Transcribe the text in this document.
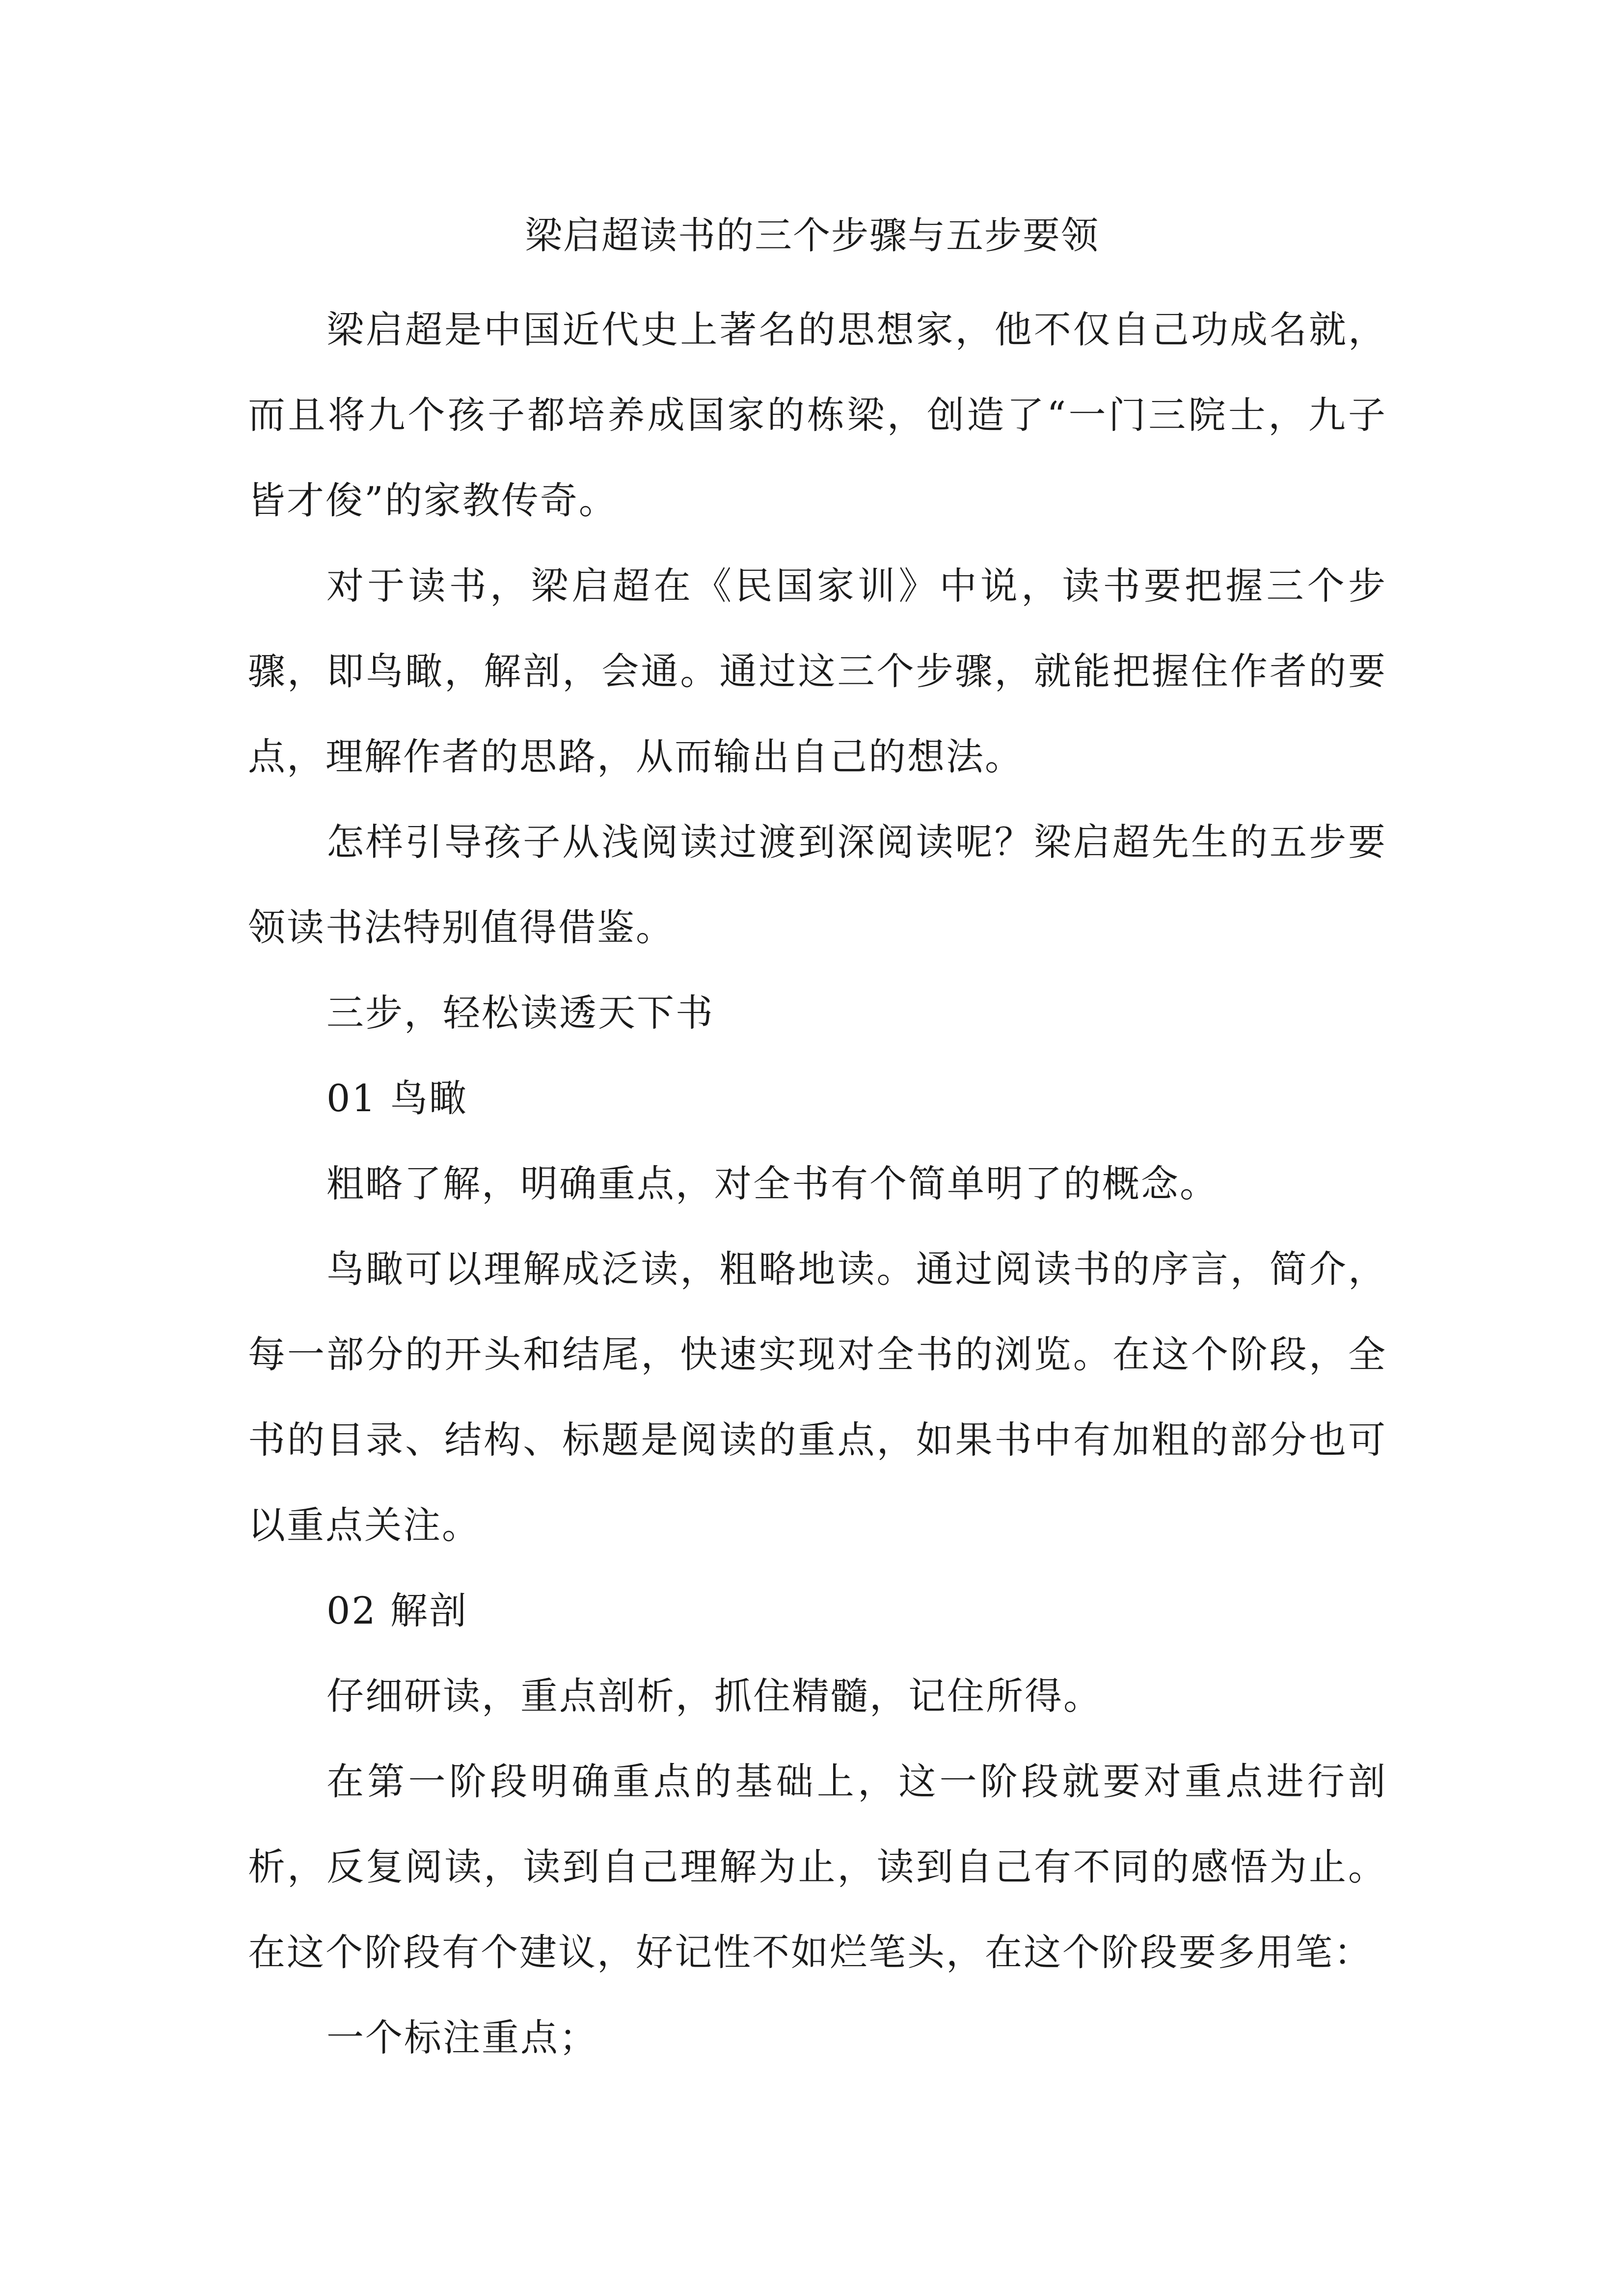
梁启超读书的三个步骤与五步要领

梁启超是中国近代史上著名的思想家，他不仅自己功成名就，而且将九个孩子都培养成国家的栋梁，创造了“一门三院士，九子皆才俊”的家教传奇。

对于读书，梁启超在《民国家训》中说，读书要把握三个步骤，即鸟瞰，解剖，会通。通过这三个步骤，就能把握住作者的要点，理解作者的思路，从而输出自己的想法。

怎样引导孩子从浅阅读过渡到深阅读呢？梁启超先生的五步要领读书法特别值得借鉴。

三步，轻松读透天下书

01 鸟瞰

粗略了解，明确重点，对全书有个简单明了的概念。

鸟瞰可以理解成泛读，粗略地读。通过阅读书的序言，简介，每一部分的开头和结尾，快速实现对全书的浏览。在这个阶段，全书的目录、结构、标题是阅读的重点，如果书中有加粗的部分也可以重点关注。

02 解剖

仔细研读，重点剖析，抓住精髓，记住所得。

在第一阶段明确重点的基础上，这一阶段就要对重点进行剖析，反复阅读，读到自己理解为止，读到自己有不同的感悟为止。在这个阶段有个建议，好记性不如烂笔头，在这个阶段要多用笔：

一个标注重点；
